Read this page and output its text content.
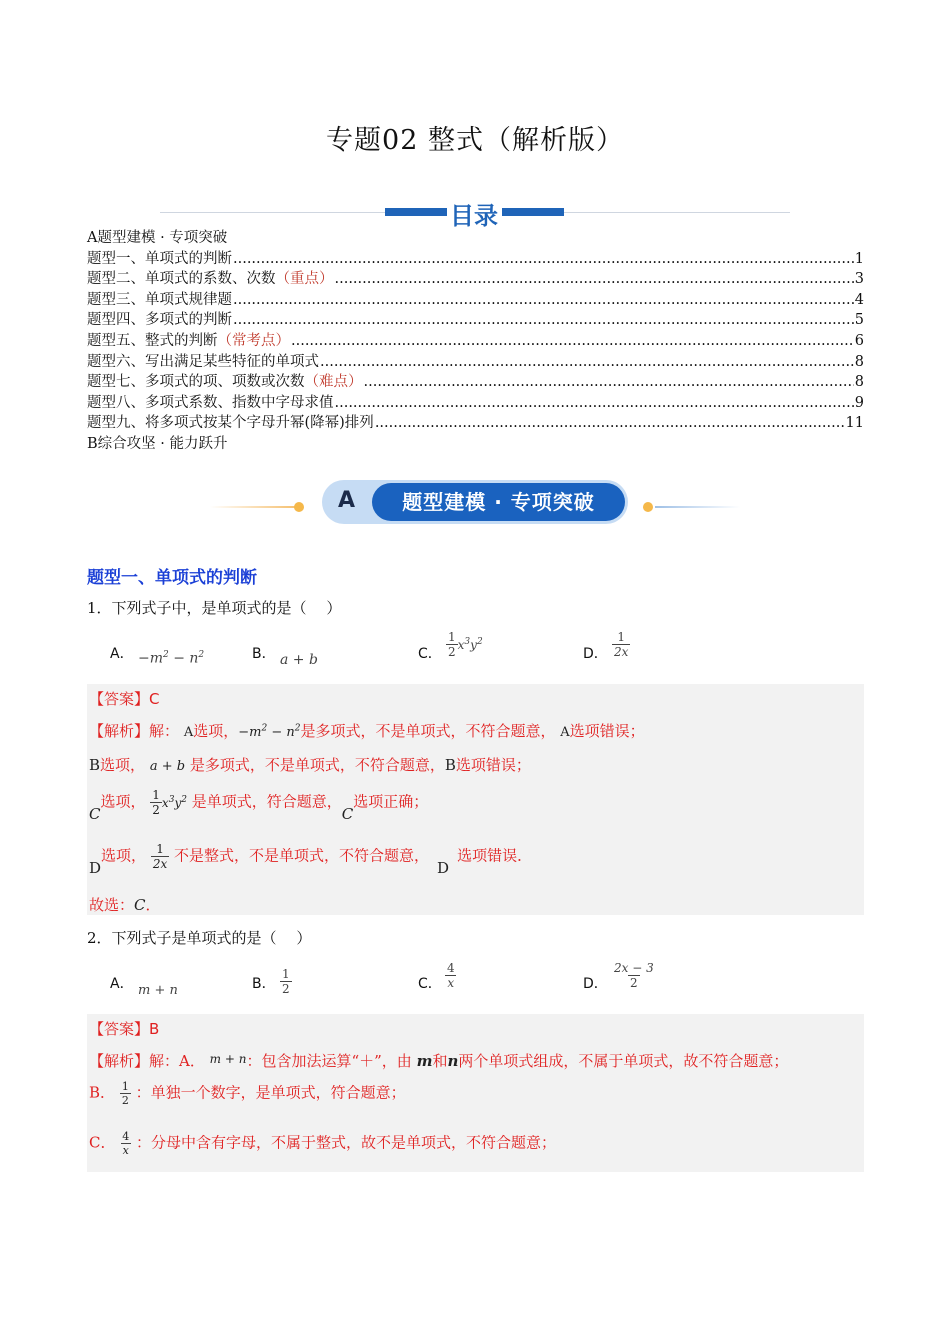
专题02 整式（解析版）
目录
A题型建模 · 专项突破
题型一、单项式的判断 .....	1
题型二、单项式的系数、次数 （重点） .....	3
题型三、单项式规律题 .....	4
题型四、多项式的判断 .....	5
题型五、整式的判断 （常考点） .....	6
题型六、写出满足某些特征的单项式 .....	8
题型七、多项式的项、项数或次数 （难点） .....	8
题型八、多项式系数、指数中字母求值 .....	9
题型九、将多项式按某个字母升幂(降幂)排列 .....	11
B综合攻坚 · 能力跃升
A	题型建模 · 专项突破
题型一、单项式的判断
1．下列式子中，是单项式的是（　 ）
A． $-m^2 - n^2$	B． a + b	C． $\frac{1}{2} x^3y^2$
D． $\frac{1}{2x}$
【答案】C
【解析】解： A选项，$-m^2 - n^2$是多项式，不是单项式，不符合题意， A选项错误；
B选项， a + b 是多项式，不是单项式，不符合题意，B选项错误；
C选项， $\frac{1}{2} x^3y^2$ 是单项式，符合题意，C选项正确；
D选项， $\frac{1}{2x}$ 不是整式，不是单项式，不符合题意，D选项错误．
故选：C．
2．下列式子是单项式的是（　 ）
A． m + n	B． $\frac{1}{2}$	C． $\frac{4}{x}$	D． $\frac{2x - 3}{2}$
【答案】B
【解析】解：A． $^{m + n}$：包含加法运算“＋”，由 m和n两个单项式组成，不属于单项式，故不符合题意；
B． $\frac{1}{2}$ ：单独一个数字，是单项式，符合题意；
C． $\frac{4}{x}$ ：分母中含有字母，不属于整式，故不是单项式，不符合题意；
